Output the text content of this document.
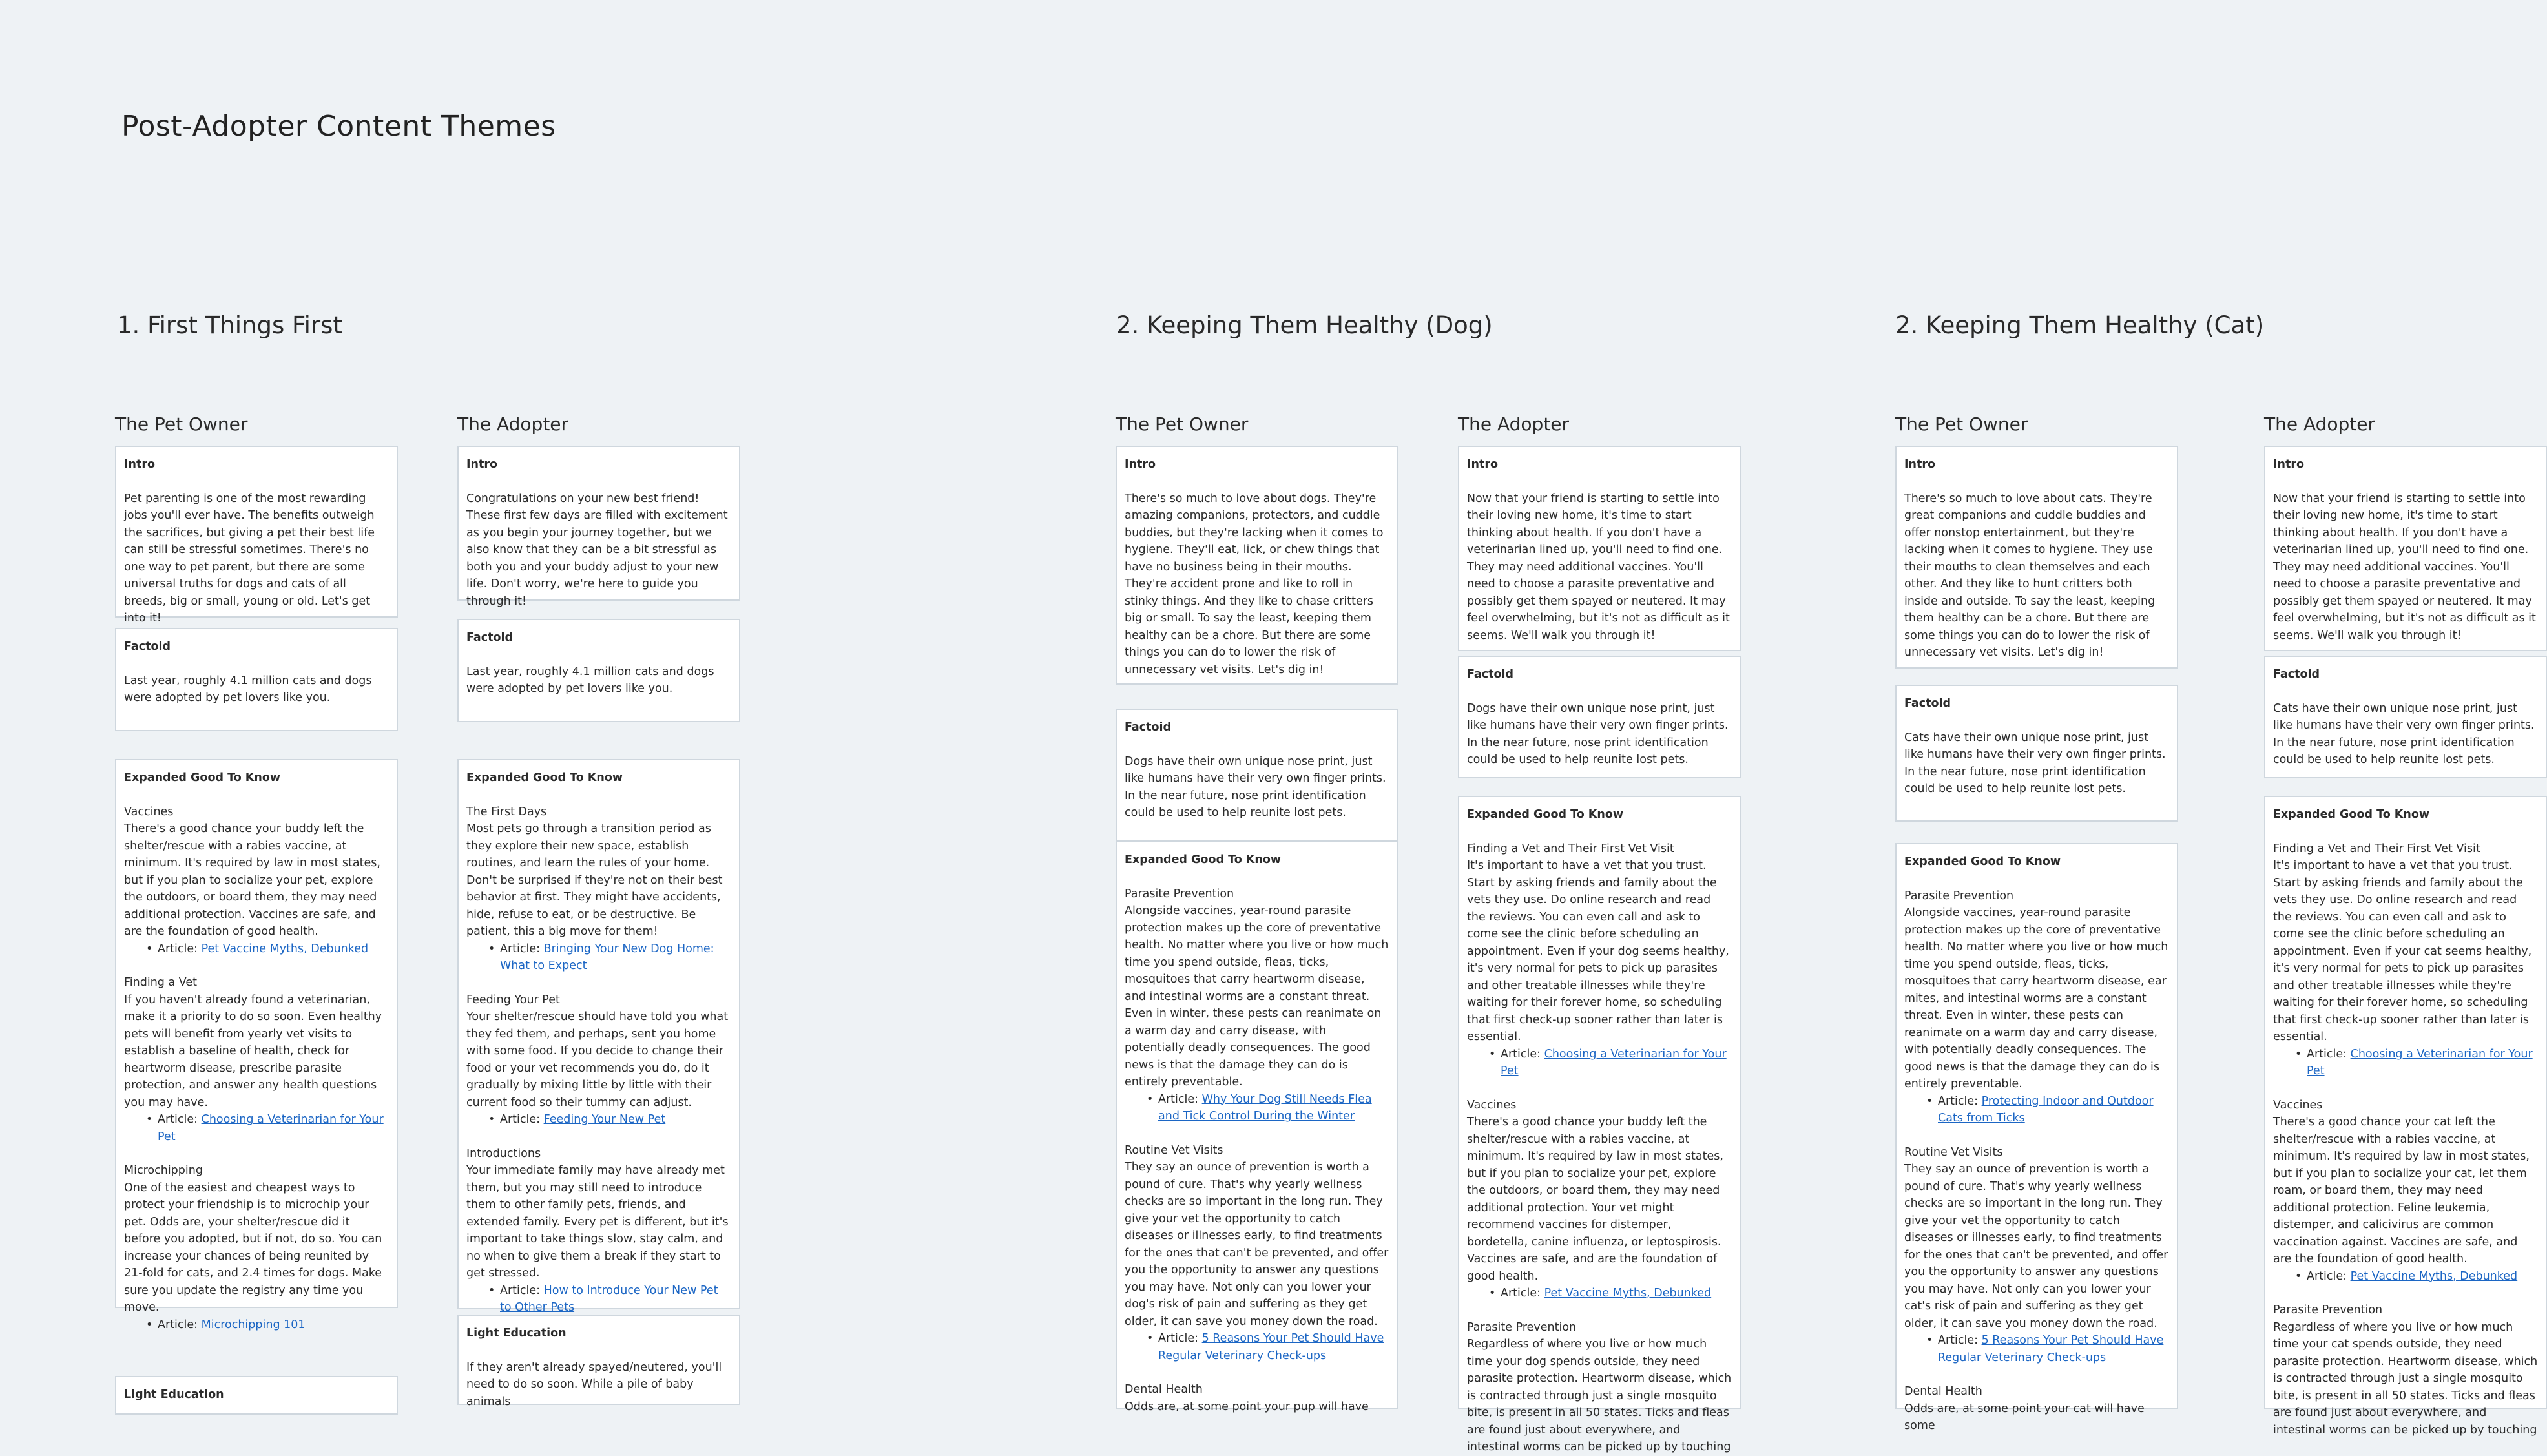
Post-Adopter Content Themes
1. First Things First	2. Keeping Them Healthy (Dog)	2. Keeping Them Healthy (Cat)
The Pet Owner
Intro

Pet parenting is one of the most rewarding jobs you'll ever have. The benefits outweigh the sacrifices, but giving a pet their best life can still be stressful sometimes. There's no one way to pet parent, but there are some universal truths for dogs and cats of all breeds, big or small, young or old. Let's get into it!

Factoid

Last year, roughly 4.1 million cats and dogs were adopted by pet lovers like you.

Expanded Good To Know
Vaccines
There's a good chance your buddy left the shelter/rescue with a rabies vaccine, at minimum. It's required by law in most states, but if you plan to socialize your pet, explore the outdoors, or board them, they may need additional protection. Vaccines are safe, and are the foundation of good health.
• Article: Pet Vaccine Myths, Debunked
Finding a Vet
If you haven't already found a veterinarian, make it a priority to do so soon. Even healthy pets will benefit from yearly vet visits to establish a baseline of health, check for heartworm disease, prescribe parasite protection, and answer any health questions you may have.
• Article: Choosing a Veterinarian for Your Pet
Microchipping
One of the easiest and cheapest ways to protect your friendship is to microchip your pet. Odds are, your shelter/rescue did it before you adopted, but if not, do so. You can increase your chances of being reunited by 21-fold for cats, and 2.4 times for dogs. Make sure you update the registry any time you move.
• Article: Microchipping 101
Light Education
The Adopter
Intro

Congratulations on your new best friend! These first few days are filled with excitement as you begin your journey together, but we also know that they can be a bit stressful as both you and your buddy adjust to your new life. Don't worry, we're here to guide you through it!

Factoid

Last year, roughly 4.1 million cats and dogs were adopted by pet lovers like you.

Expanded Good To Know
The First Days
Most pets go through a transition period as they explore their new space, establish routines, and learn the rules of your home. Don't be surprised if they're not on their best behavior at first. They might have accidents, hide, refuse to eat, or be destructive. Be patient, this a big move for them!
• Article: Bringing Your New Dog Home: What to Expect
Feeding Your Pet
Your shelter/rescue should have told you what they fed them, and perhaps, sent you home with some food. If you decide to change their food or your vet recommends you do, do it gradually by mixing little by little with their current food so their tummy can adjust.
• Article: Feeding Your New Pet
Introductions
Your immediate family may have already met them, but you may still need to introduce them to other family pets, friends, and extended family. Every pet is different, but it's important to take things slow, stay calm, and no when to give them a break if they start to get stressed.
• Article: How to Introduce Your New Pet to Other Pets
Light Education

If they aren't already spayed/neutered, you'll need to do so soon. While a pile of baby animals

The Pet Owner
Intro

There's so much to love about dogs. They're amazing companions, protectors, and cuddle buddies, but they're lacking when it comes to hygiene. They'll eat, lick, or chew things that have no business being in their mouths. They're accident prone and like to roll in stinky things. And they like to chase critters big or small. To say the least, keeping them healthy can be a chore. But there are some things you can do to lower the risk of unnecessary vet visits. Let's dig in!

Factoid

Dogs have their own unique nose print, just like humans have their very own finger prints. In the near future, nose print identification could be used to help reunite lost pets.

Expanded Good To Know
Parasite Prevention
Alongside vaccines, year-round parasite protection makes up the core of preventative health. No matter where you live or how much time you spend outside, fleas, ticks, mosquitoes that carry heartworm disease, and intestinal worms are a constant threat. Even in winter, these pests can reanimate on a warm day and carry disease, with potentially deadly consequences. The good news is that the damage they can do is entirely preventable.
• Article: Why Your Dog Still Needs Flea and Tick Control During the Winter
Routine Vet Visits
They say an ounce of prevention is worth a pound of cure. That's why yearly wellness checks are so important in the long run. They give your vet the opportunity to catch diseases or illnesses early, to find treatments for the ones that can't be prevented, and offer you the opportunity to answer any questions you may have. Not only can you lower your dog's risk of pain and suffering as they get older, it can save you money down the road.
• Article: 5 Reasons Your Pet Should Have Regular Veterinary Check-ups
Dental Health
Odds are, at some point your pup will have
The Adopter
Intro

Now that your friend is starting to settle into their loving new home, it's time to start thinking about health. If you don't have a veterinarian lined up, you'll need to find one. They may need additional vaccines. You'll need to choose a parasite preventative and possibly get them spayed or neutered. It may feel overwhelming, but it's not as difficult as it seems. We'll walk you through it!

Factoid

Dogs have their own unique nose print, just like humans have their very own finger prints. In the near future, nose print identification could be used to help reunite lost pets.

Expanded Good To Know
Finding a Vet and Their First Vet Visit
It's important to have a vet that you trust. Start by asking friends and family about the vets they use. Do online research and read the reviews. You can even call and ask to come see the clinic before scheduling an appointment. Even if your dog seems healthy, it's very normal for pets to pick up parasites and other treatable illnesses while they're waiting for their forever home, so scheduling that first check-up sooner rather than later is essential.
• Article: Choosing a Veterinarian for Your Pet
Vaccines
There's a good chance your buddy left the shelter/rescue with a rabies vaccine, at minimum. It's required by law in most states, but if you plan to socialize your pet, explore the outdoors, or board them, they may need additional protection. Your vet might recommend vaccines for distemper, bordetella, canine influenza, or leptospirosis. Vaccines are safe, and are the foundation of good health.
• Article: Pet Vaccine Myths, Debunked
Parasite Prevention
Regardless of where you live or how much time your dog spends outside, they need parasite protection. Heartworm disease, which is contracted through just a single mosquito bite, is present in all 50 states. Ticks and fleas are found just about everywhere, and intestinal worms can be picked up by touching
The Pet Owner
Intro

There's so much to love about cats. They're great companions and cuddle buddies and offer nonstop entertainment, but they're lacking when it comes to hygiene. They use their mouths to clean themselves and each other. And they like to hunt critters both inside and outside. To say the least, keeping them healthy can be a chore. But there are some things you can do to lower the risk of unnecessary vet visits. Let's dig in!

Factoid

Cats have their own unique nose print, just like humans have their very own finger prints. In the near future, nose print identification could be used to help reunite lost pets.

Expanded Good To Know
Parasite Prevention
Alongside vaccines, year-round parasite protection makes up the core of preventative health. No matter where you live or how much time you spend outside, fleas, ticks, mosquitoes that carry heartworm disease, ear mites, and intestinal worms are a constant threat. Even in winter, these pests can reanimate on a warm day and carry disease, with potentially deadly consequences. The good news is that the damage they can do is entirely preventable.
• Article: Protecting Indoor and Outdoor Cats from Ticks
Routine Vet Visits
They say an ounce of prevention is worth a pound of cure. That's why yearly wellness checks are so important in the long run. They give your vet the opportunity to catch diseases or illnesses early, to find treatments for the ones that can't be prevented, and offer you the opportunity to answer any questions you may have. Not only can you lower your cat's risk of pain and suffering as they get older, it can save you money down the road.
• Article: 5 Reasons Your Pet Should Have Regular Veterinary Check-ups
Dental Health
Odds are, at some point your cat will have some
The Adopter
Intro

Now that your friend is starting to settle into their loving new home, it's time to start thinking about health. If you don't have a veterinarian lined up, you'll need to find one. They may need additional vaccines. You'll need to choose a parasite preventative and possibly get them spayed or neutered. It may feel overwhelming, but it's not as difficult as it seems. We'll walk you through it!

Factoid

Cats have their own unique nose print, just like humans have their very own finger prints. In the near future, nose print identification could be used to help reunite lost pets.

Expanded Good To Know
Finding a Vet and Their First Vet Visit
It's important to have a vet that you trust. Start by asking friends and family about the vets they use. Do online research and read the reviews. You can even call and ask to come see the clinic before scheduling an appointment. Even if your cat seems healthy, it's very normal for pets to pick up parasites and other treatable illnesses while they're waiting for their forever home, so scheduling that first check-up sooner rather than later is essential.
• Article: Choosing a Veterinarian for Your Pet
Vaccines
There's a good chance your cat left the shelter/rescue with a rabies vaccine, at minimum. It's required by law in most states, but if you plan to socialize your cat, let them roam, or board them, they may need additional protection. Feline leukemia, distemper, and calicivirus are common vaccination against. Vaccines are safe, and are the foundation of good health.
• Article: Pet Vaccine Myths, Debunked
Parasite Prevention
Regardless of where you live or how much time your cat spends outside, they need parasite protection. Heartworm disease, which is contracted through just a single mosquito bite, is present in all 50 states. Ticks and fleas are found just about everywhere, and intestinal worms can be picked up by touching
